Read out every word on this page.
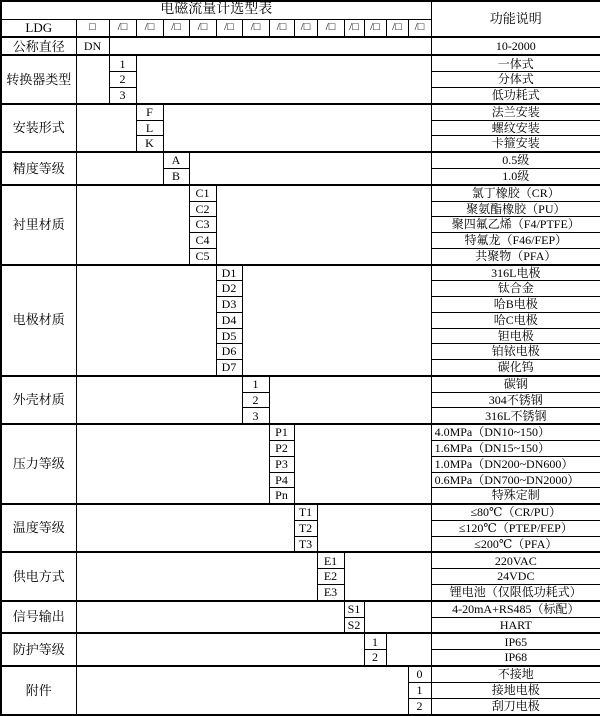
电磁流量计选型表															功能说明
LDG	□	/□	/□	/□	/□	/□	/□	/□	/□	/□	/□	/□	/□	/□	
公称直径	DN														10-2000
转换器类型		1													一体式
		2													分体式
		3													低功耗式
安装形式			F												法兰安装
			L												螺纹安装
			K												卡箍安装
精度等级				A											0.5级
				B											1.0级
衬里材质					C1										氯丁橡胶（CR）
					C2										聚氨酯橡胶（PU）
					C3										聚四氟乙烯（F4/PTFE）
					C4										特氟龙（F46/FEP）
					C5										共聚物（PFA）
电极材质						D1									316L电极
						D2									钛合金
						D3									哈B电极
						D4									哈C电极
						D5									钽电极
						D6									铂铱电极
						D7									碳化钨
外壳材质							1								碳钢
							2								304不锈钢
							3								316L不锈钢
压力等级								P1							4.0MPa（DN10~150）
								P2							1.6MPa（DN15~150）
								P3							1.0MPa（DN200~DN600）
								P4							0.6MPa（DN700~DN2000）
								Pn							特殊定制
温度等级									T1						≤80℃（CR/PU）
									T2						≤120℃（PTEP/FEP）
									T3						≤200℃（PFA）
供电方式										E1					220VAC
										E2					24VDC
										E3					锂电池（仅限低功耗式）
信号输出											S1				4-20mA+RS485（标配）
											S2				HART
防护等级												1			IP65
												2			IP68
附件														0	不接地
														1	接地电极
														2	刮刀电极
